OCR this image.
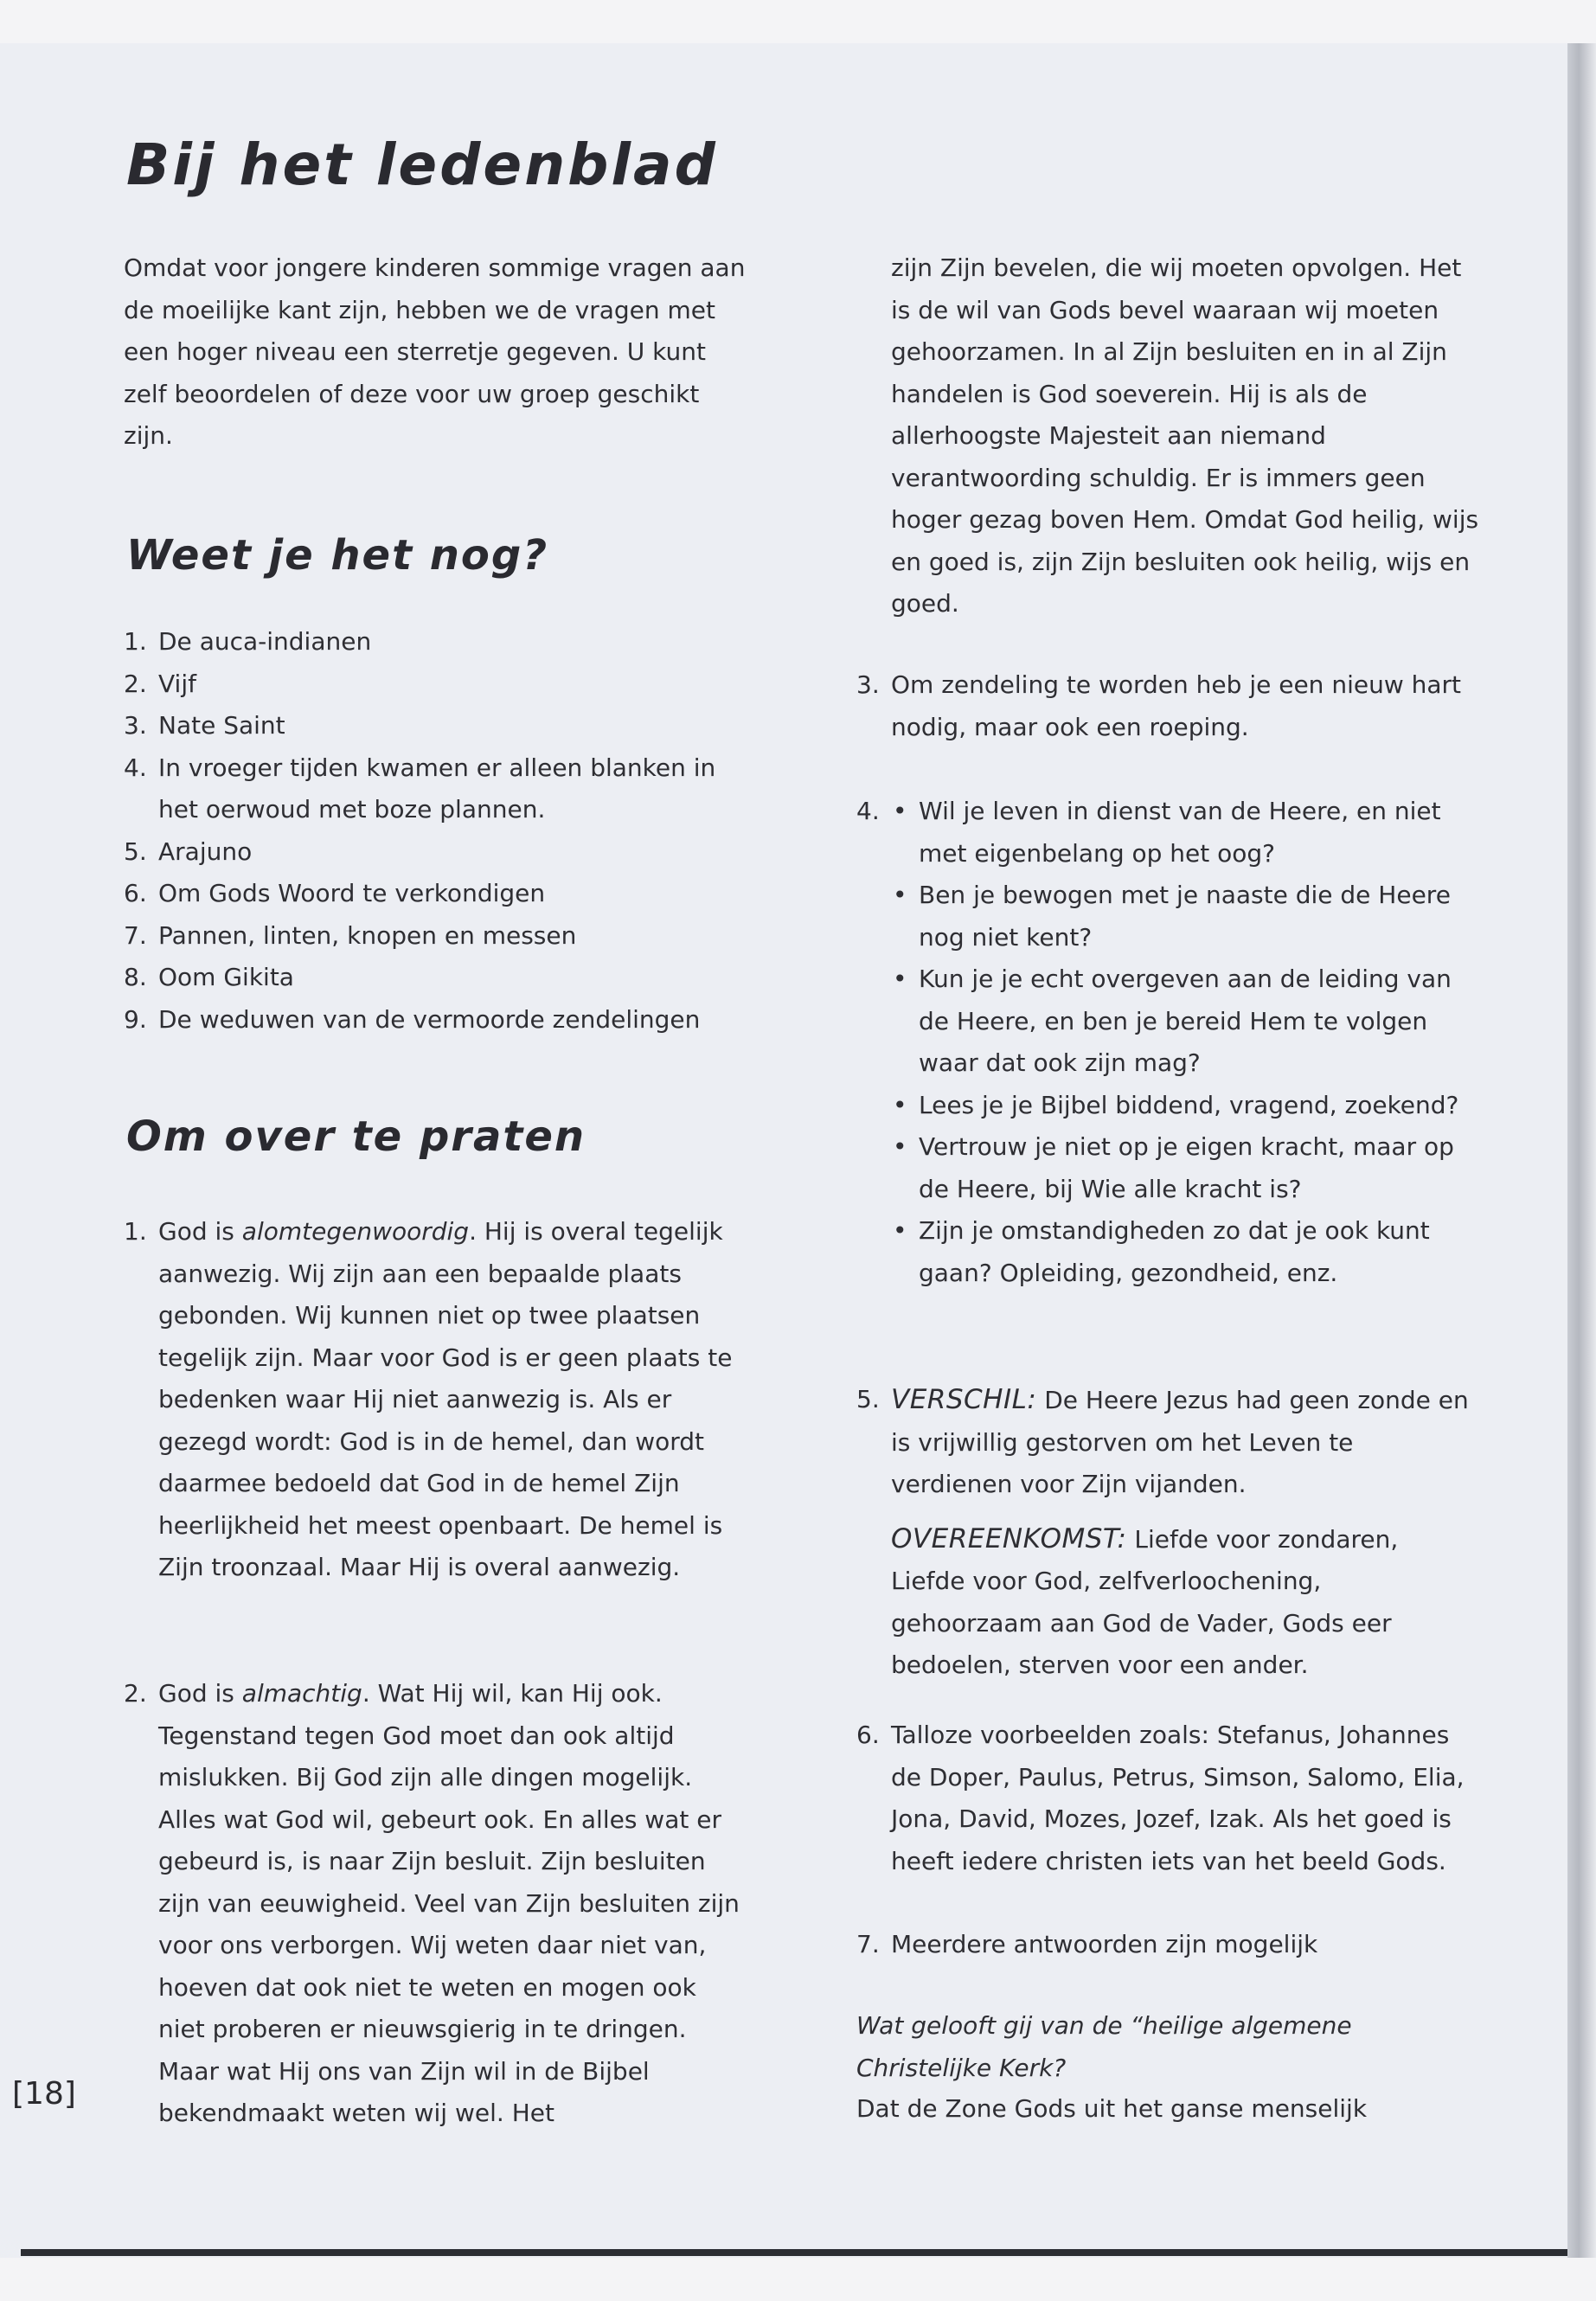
Bij het ledenblad

Omdat voor jongere kinderen sommige vragen aan de moeilijke kant zijn, hebben we de vragen met een hoger niveau een sterretje gegeven. U kunt zelf beoordelen of deze voor uw groep geschikt zijn.

Weet je het nog?
1. De auca-indianen
2. Vijf
3. Nate Saint
4. In vroeger tijden kwamen er alleen blanken in het oerwoud met boze plannen.
5. Arajuno
6. Om Gods Woord te verkondigen
7. Pannen, linten, knopen en messen
8. Oom Gikita
9. De weduwen van de vermoorde zendelingen
Om over te praten
1. God is alomtegenwoordig. Hij is overal tegelijk aanwezig. Wij zijn aan een bepaalde plaats gebonden. Wij kunnen niet op twee plaatsen tegelijk zijn. Maar voor God is er geen plaats te bedenken waar Hij niet aanwezig is. Als er gezegd wordt: God is in de hemel, dan wordt daarmee bedoeld dat God in de hemel Zijn heerlijkheid het meest openbaart. De hemel is Zijn troonzaal. Maar Hij is overal aanwezig.
2. God is almachtig. Wat Hij wil, kan Hij ook. Tegenstand tegen God moet dan ook altijd mislukken. Bij God zijn alle dingen mogelijk. Alles wat God wil, gebeurt ook. En alles wat er gebeurd is, is naar Zijn besluit. Zijn besluiten zijn van eeuwigheid. Veel van Zijn besluiten zijn voor ons verborgen. Wij weten daar niet van, hoeven dat ook niet te weten en mogen ook niet proberen er nieuwsgierig in te dringen. Maar wat Hij ons van Zijn wil in de Bijbel bekendmaakt weten wij wel. Het
[18]
zijn Zijn bevelen, die wij moeten opvolgen. Het is de wil van Gods bevel waaraan wij moeten gehoorzamen. In al Zijn besluiten en in al Zijn handelen is God soeverein. Hij is als de allerhoogste Majesteit aan niemand verantwoording schuldig. Er is immers geen hoger gezag boven Hem. Omdat God heilig, wijs en goed is, zijn Zijn besluiten ook heilig, wijs en goed.
3. Om zendeling te worden heb je een nieuw hart nodig, maar ook een roeping.
4. • Wil je leven in dienst van de Heere, en niet met eigenbelang op het oog?
• Ben je bewogen met je naaste die de Heere nog niet kent?
• Kun je je echt overgeven aan de leiding van de Heere, en ben je bereid Hem te volgen waar dat ook zijn mag?
• Lees je je Bijbel biddend, vragend, zoekend?
• Vertrouw je niet op je eigen kracht, maar op de Heere, bij Wie alle kracht is?
• Zijn je omstandigheden zo dat je ook kunt gaan? Opleiding, gezondheid, enz.
5. VERSCHIL: De Heere Jezus had geen zonde en is vrijwillig gestorven om het Leven te verdienen voor Zijn vijanden.
OVEREENKOMST: Liefde voor zondaren, Liefde voor God, zelfverloochening, gehoorzaam aan God de Vader, Gods eer bedoelen, sterven voor een ander.
6. Talloze voorbeelden zoals: Stefanus, Johannes de Doper, Paulus, Petrus, Simson, Salomo, Elia, Jona, David, Mozes, Jozef, Izak. Als het goed is heeft iedere christen iets van het beeld Gods.
7. Meerdere antwoorden zijn mogelijk

Wat gelooft gij van de “heilige algemene Christelijke Kerk?

Dat de Zone Gods uit het ganse menselijk
